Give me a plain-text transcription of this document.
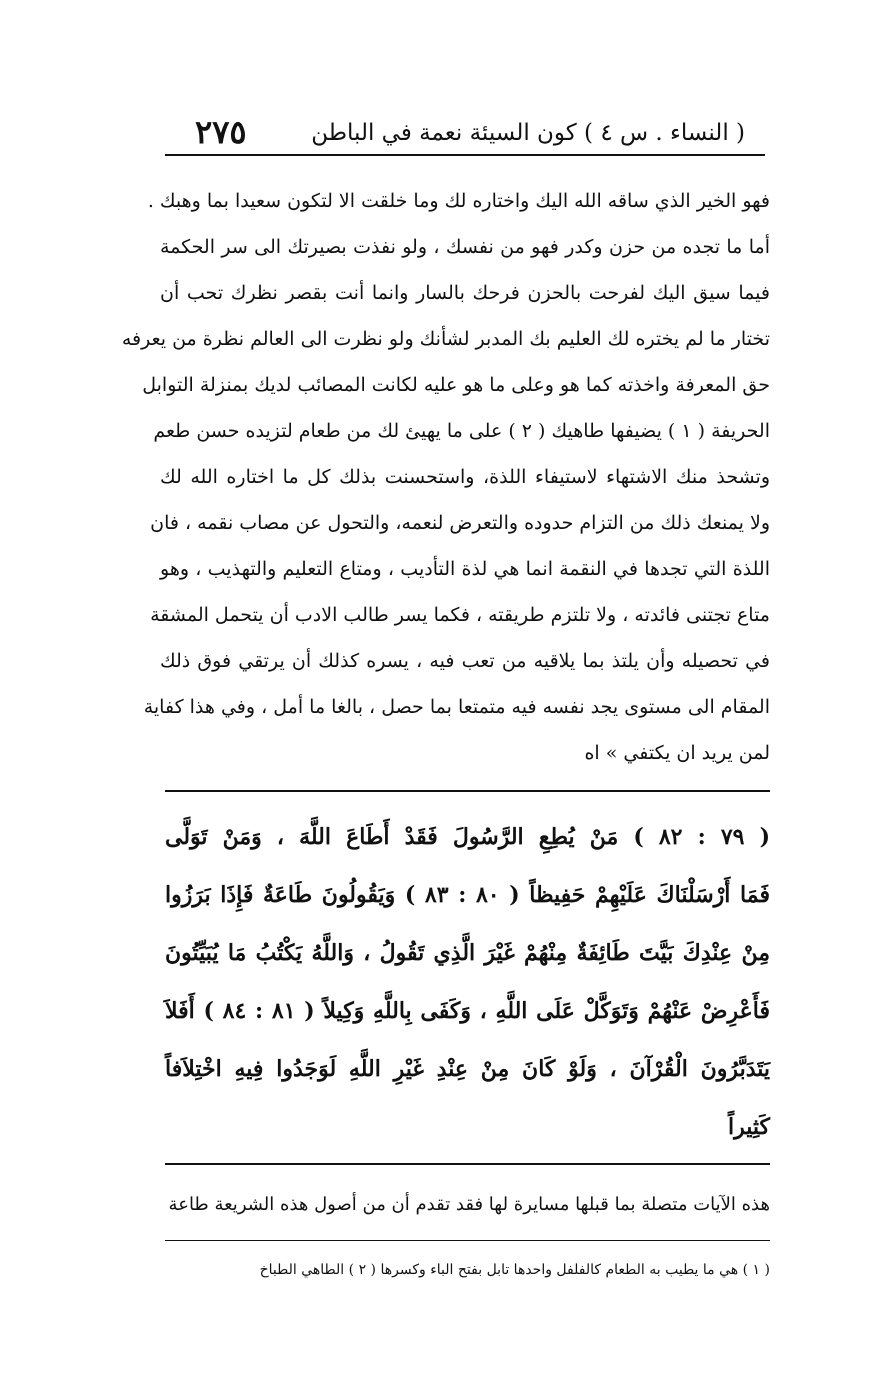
٢٧٥	( النساء . س ٤ ) كون السيئة نعمة في الباطن
فهو الخير الذي ساقه الله اليك واختاره لك وما خلقت الا لتكون سعيدا بما وهبك .
أما ما تجده من حزن وكدر فهو من نفسك ، ولو نفذت بصيرتك الى سر الحكمة
فيما سيق اليك لفرحت بالحزن فرحك بالسار وانما أنت بقصر نظرك تحب أن
تختار ما لم يختره لك العليم بك المدبر لشأنك ولو نظرت الى العالم نظرة من يعرفه
حق المعرفة واخذته كما هو وعلى ما هو عليه لكانت المصائب لديك بمنزلة التوابل
الحريفة ( ١ ) يضيفها طاهيك ( ٢ ) على ما يهيئ لك من طعام لتزيده حسن طعم
وتشحذ منك الاشتهاء لاستيفاء اللذة، واستحسنت بذلك كل ما اختاره الله لك
ولا يمنعك ذلك من التزام حدوده والتعرض لنعمه، والتحول عن مصاب نقمه ، فان
اللذة التي تجدها في النقمة انما هي لذة التأديب ، ومتاع التعليم والتهذيب ، وهو
متاع تجتنى فائدته ، ولا تلتزم طريقته ، فكما يسر طالب الادب أن يتحمل المشقة
في تحصيله وأن يلتذ بما يلاقيه من تعب فيه ، يسره كذلك أن يرتقي فوق ذلك
المقام الى مستوى يجد نفسه فيه متمتعا بما حصل ، بالغا ما أمل ، وفي هذا كفاية
لمن يريد ان يكتفي » اه
( ٧٩ : ٨٢ ) مَنْ يُطِعِ الرَّسُولَ فَقَدْ أَطَاعَ اللَّهَ ، وَمَنْ تَوَلَّى
فَمَا أَرْسَلْنَاكَ عَلَيْهِمْ حَفِيظاً ( ٨٠ : ٨٣ ) وَيَقُولُونَ طَاعَةٌ فَإِذَا بَرَزُوا
مِنْ عِنْدِكَ بَيَّتَ طَائِفَةٌ مِنْهُمْ غَيْرَ الَّذِي تَقُولُ ، وَاللَّهُ يَكْتُبُ مَا يُبَيِّتُونَ
فَأَعْرِضْ عَنْهُمْ وَتَوَكَّلْ عَلَى اللَّهِ ، وَكَفَى بِاللَّهِ وَكِيلاً ( ٨١ : ٨٤ ) أَفَلاَ
يَتَدَبَّرُونَ الْقُرْآنَ ، وَلَوْ كَانَ مِنْ عِنْدِ غَيْرِ اللَّهِ لَوَجَدُوا فِيهِ اخْتِلاَفاً
كَثِيراً
هذه الآيات متصلة بما قبلها مسايرة لها فقد تقدم أن من أصول هذه الشريعة طاعة
( ١ ) هي ما يطيب به الطعام كالفلفل واحدها تابل بفتح الباء وكسرها ( ٢ ) الطاهي الطباخ
